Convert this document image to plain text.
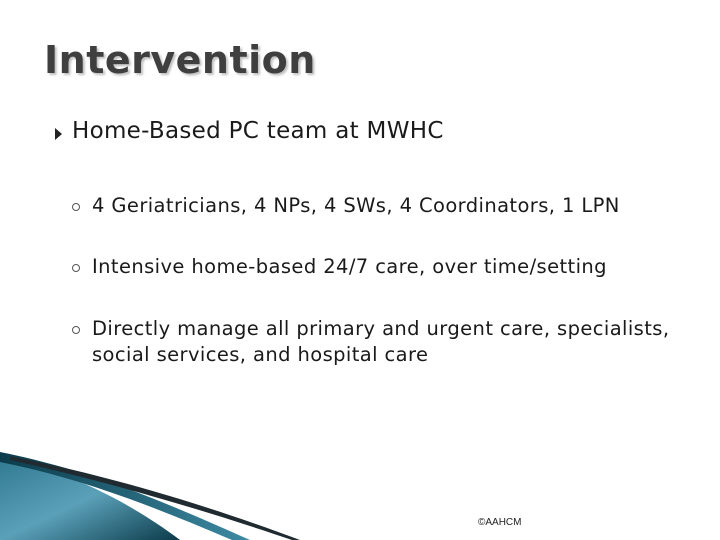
Intervention
Home-Based PC team at MWHC
4 Geriatricians, 4 NPs, 4 SWs, 4 Coordinators, 1 LPN
Intensive home-based 24/7 care, over time/setting
Directly manage all primary and urgent care, specialists, social services, and hospital care
©AAHCM
